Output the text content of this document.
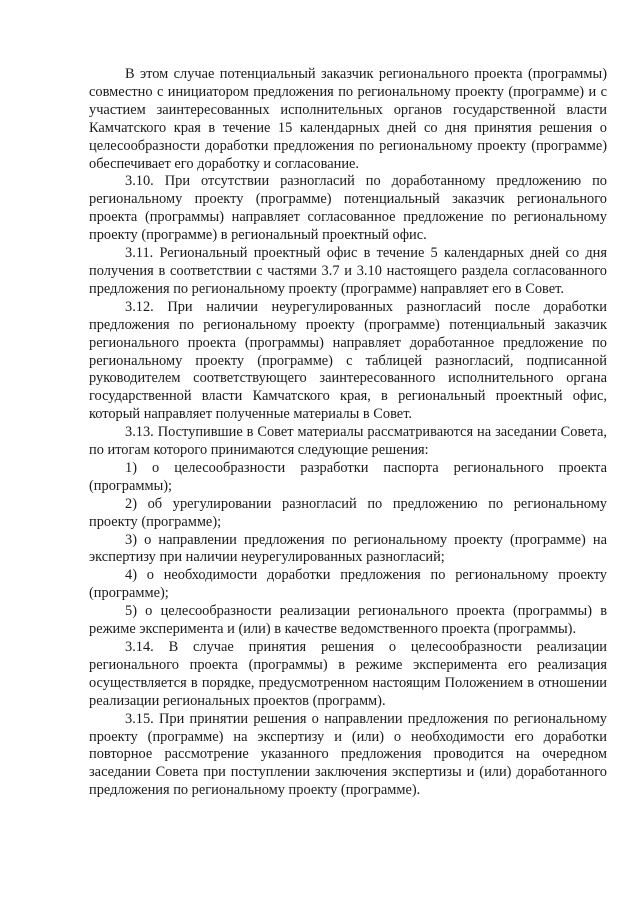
В этом случае потенциальный заказчик регионального проекта (программы) совместно с инициатором предложения по региональному проекту (программе) и с участием заинтересованных исполнительных органов государственной власти Камчатского края в течение 15 календарных дней со дня принятия решения о целесообразности доработки предложения по региональному проекту (программе) обеспечивает его доработку и согласование.

3.10. При отсутствии разногласий по доработанному предложению по региональному проекту (программе) потенциальный заказчик регионального проекта (программы) направляет согласованное предложение по региональному проекту (программе) в региональный проектный офис.

3.11. Региональный проектный офис в течение 5 календарных дней со дня получения в соответствии с частями 3.7 и 3.10 настоящего раздела согласованного предложения по региональному проекту (программе) направляет его в Совет.

3.12. При наличии неурегулированных разногласий после доработки предложения по региональному проекту (программе) потенциальный заказчик регионального проекта (программы) направляет доработанное предложение по региональному проекту (программе) с таблицей разногласий, подписанной руководителем соответствующего заинтересованного исполнительного органа государственной власти Камчатского края, в региональный проектный офис, который направляет полученные материалы в Совет.

3.13. Поступившие в Совет материалы рассматриваются на заседании Совета, по итогам которого принимаются следующие решения:

1) о целесообразности разработки паспорта регионального проекта (программы);

2) об урегулировании разногласий по предложению по региональному проекту (программе);

3) о направлении предложения по региональному проекту (программе) на экспертизу при наличии неурегулированных разногласий;

4) о необходимости доработки предложения по региональному проекту (программе);

5) о целесообразности реализации регионального проекта (программы) в режиме эксперимента и (или) в качестве ведомственного проекта (программы).

3.14. В случае принятия решения о целесообразности реализации регионального проекта (программы) в режиме эксперимента его реализация осуществляется в порядке, предусмотренном настоящим Положением в отношении реализации региональных проектов (программ).

3.15. При принятии решения о направлении предложения по региональному проекту (программе) на экспертизу и (или) о необходимости его доработки повторное рассмотрение указанного предложения проводится на очередном заседании Совета при поступлении заключения экспертизы и (или) доработанного предложения по региональному проекту (программе).
